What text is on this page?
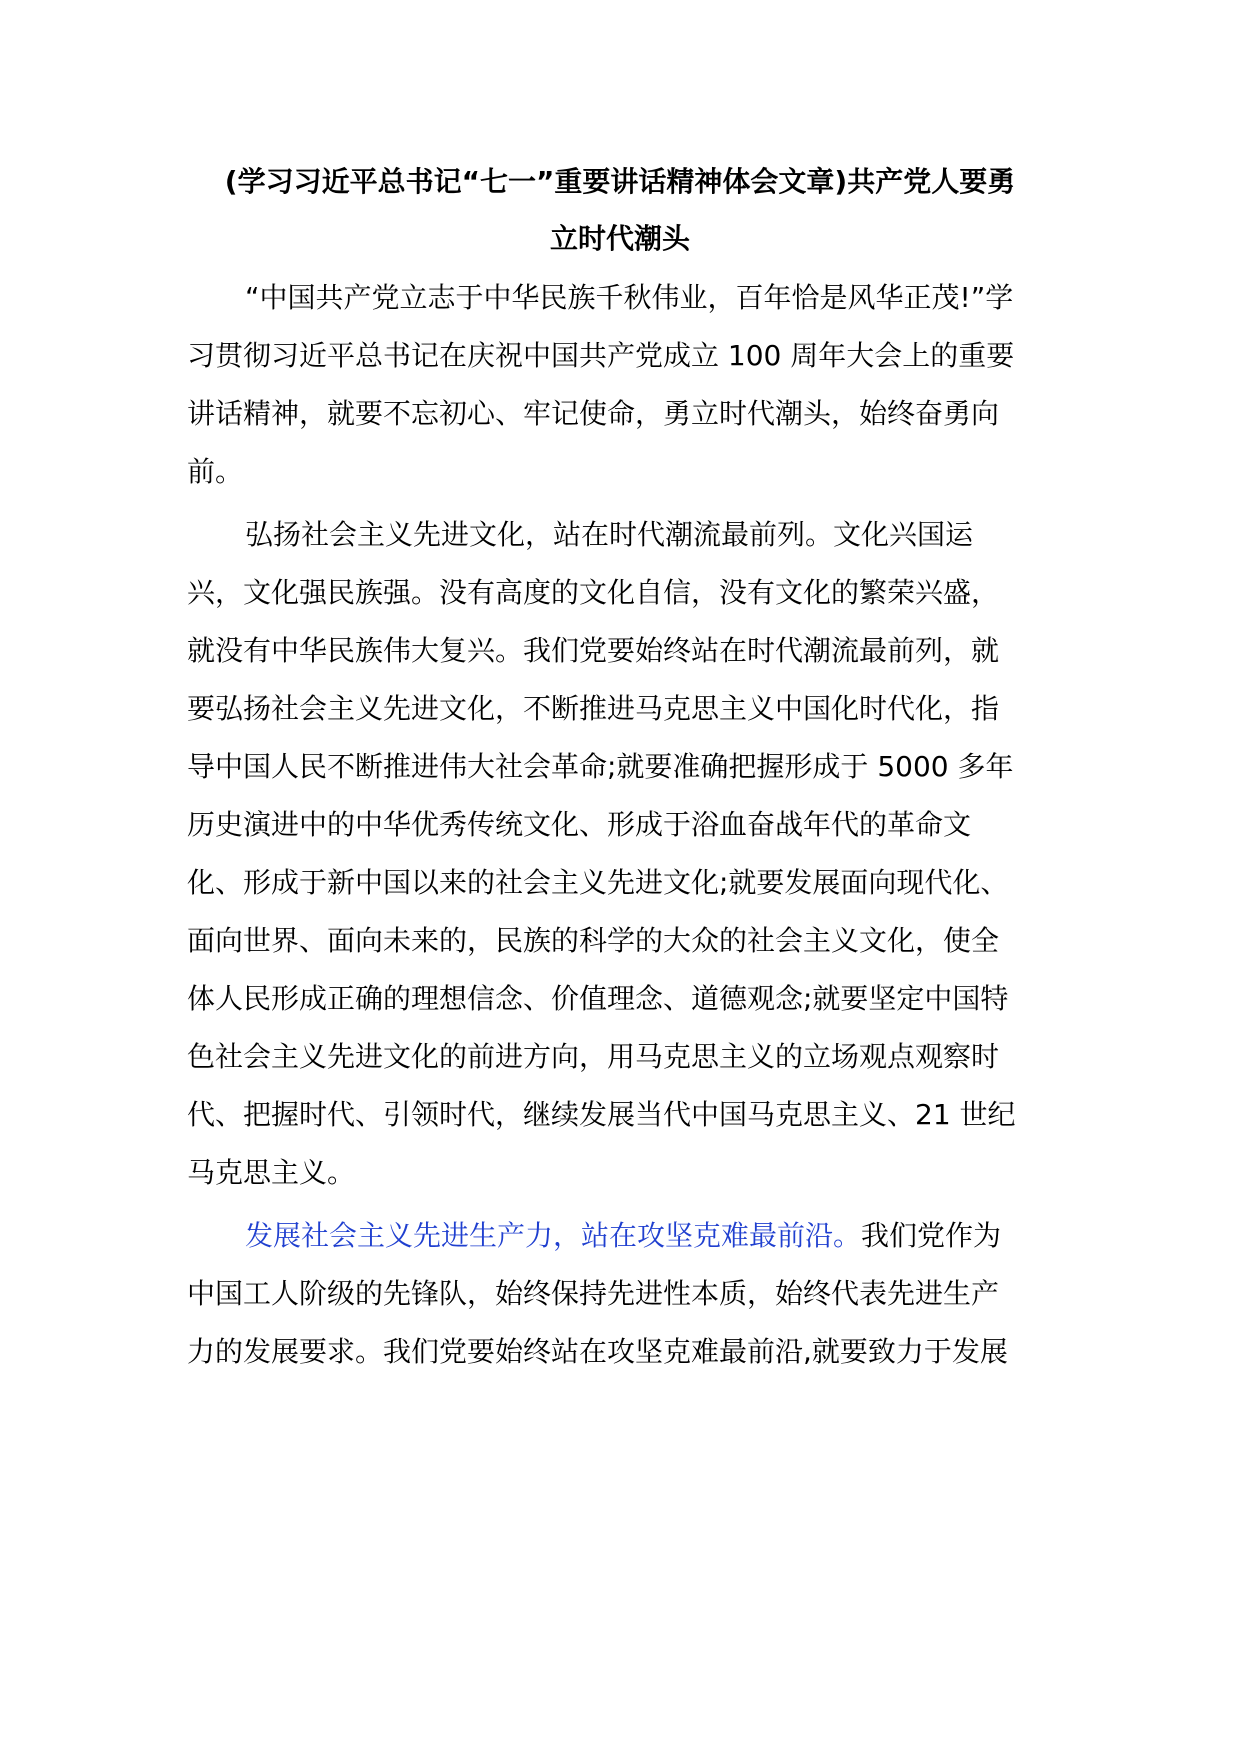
(学习习近平总书记“七一”重要讲话精神体会文章)共产党人要勇
立时代潮头
“中国共产党立志于中华民族千秋伟业，百年恰是风华正茂!”学
习贯彻习近平总书记在庆祝中国共产党成立 100 周年大会上的重要
讲话精神，就要不忘初心、牢记使命，勇立时代潮头，始终奋勇向
前。
弘扬社会主义先进文化，站在时代潮流最前列。文化兴国运
兴，文化强民族强。没有高度的文化自信，没有文化的繁荣兴盛，
就没有中华民族伟大复兴。我们党要始终站在时代潮流最前列，就
要弘扬社会主义先进文化，不断推进马克思主义中国化时代化，指
导中国人民不断推进伟大社会革命;就要准确把握形成于 5000 多年
历史演进中的中华优秀传统文化、形成于浴血奋战年代的革命文
化、形成于新中国以来的社会主义先进文化;就要发展面向现代化、
面向世界、面向未来的，民族的科学的大众的社会主义文化，使全
体人民形成正确的理想信念、价值理念、道德观念;就要坚定中国特
色社会主义先进文化的前进方向，用马克思主义的立场观点观察时
代、把握时代、引领时代，继续发展当代中国马克思主义、21 世纪
马克思主义。
发展社会主义先进生产力，站在攻坚克难最前沿。我们党作为
中国工人阶级的先锋队，始终保持先进性本质，始终代表先进生产
力的发展要求。我们党要始终站在攻坚克难最前沿,就要致力于发展
